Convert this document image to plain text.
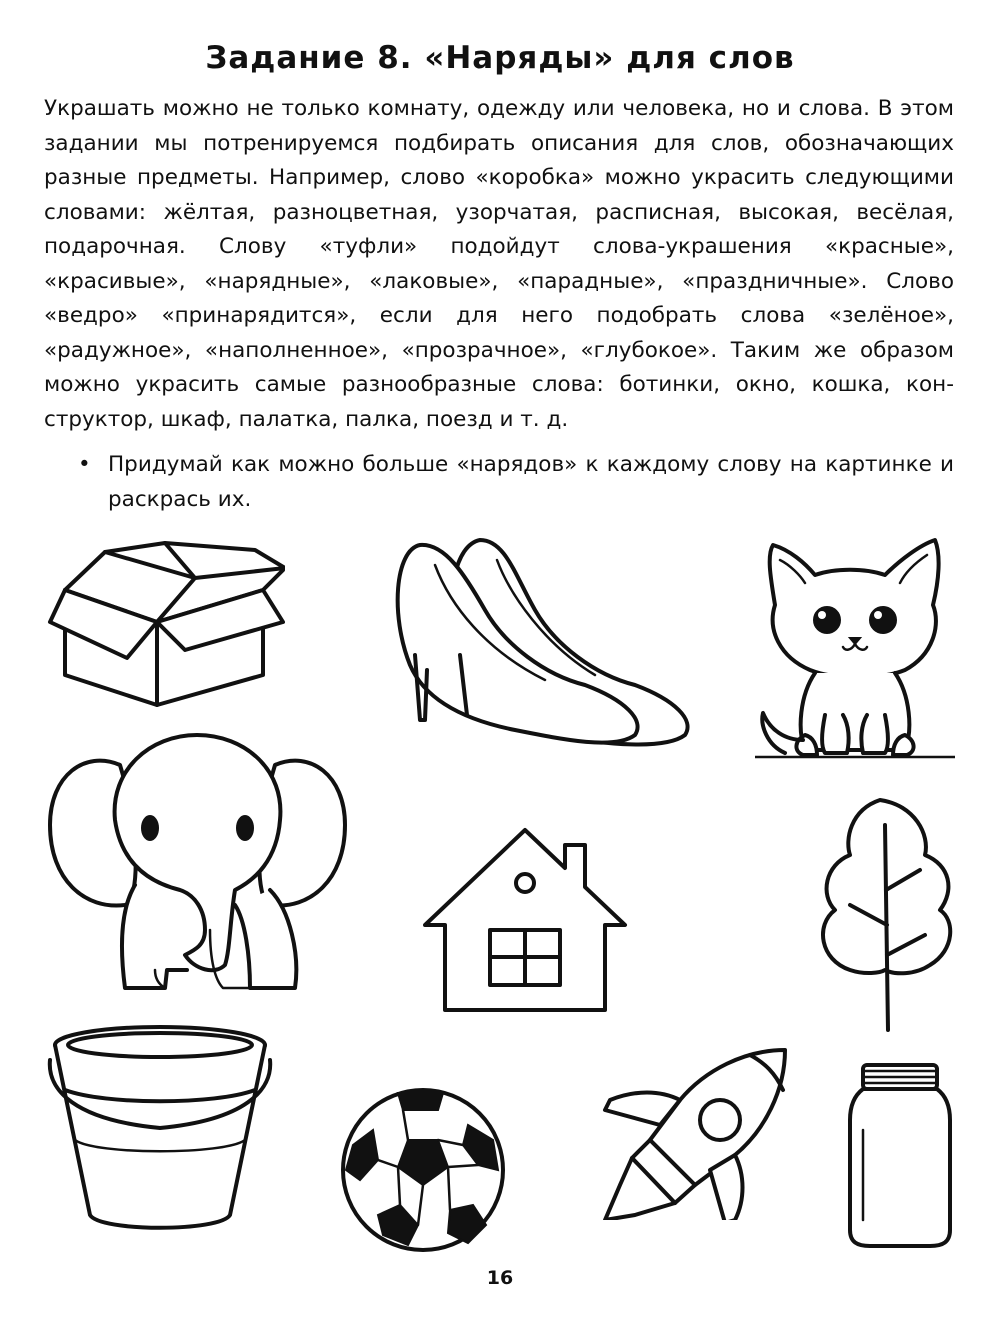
Задание 8. «Наряды» для слов

Украшать можно не только комнату, одежду или человека, но и слова. В этом задании мы потренируемся подбирать описания для слов, обозначающих разные предметы. Например, слово «коробка» можно украсить следующими словами: жёлтая, разноцветная, узорчатая, расписная, высокая, весёлая, подарочная. Слову «туфли» подойдут слова-украшения «красные», «красивые», «нарядные», «лаковые», «парадные», «праздничные». Слово «ведро» «принарядится», если для него подобрать слова «зелёное», «радужное», «наполненное», «прозрачное», «глубокое». Таким же образом можно украсить самые разнообразные слова: ботинки, окно, кошка, конструктор, шкаф, палатка, палка, поезд и т. д.

• Придумай как можно больше «нарядов» к каждому слову на картинке и раскрась их.
16
